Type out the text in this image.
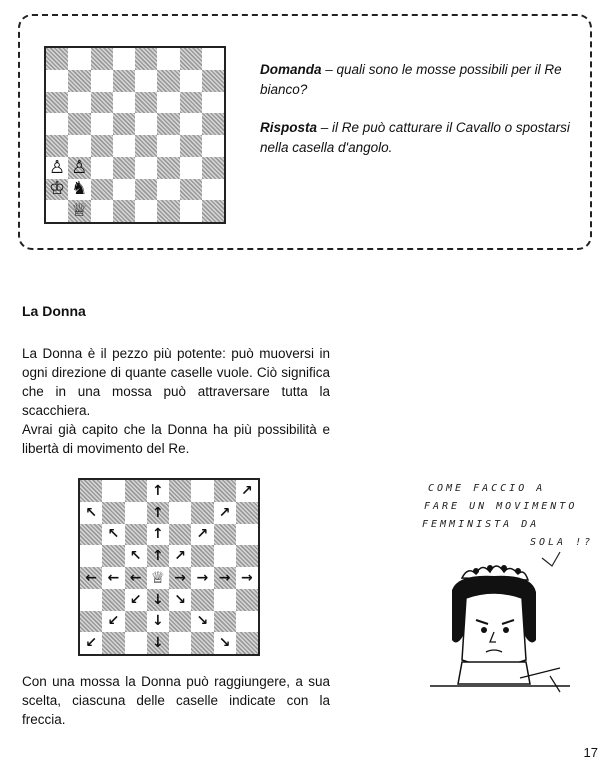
♙ ♙
♔ ♞
♕

Domanda – quali sono le mosse possibili per il Re bianco?

Risposta – il Re può catturare il Cavallo o spostarsi nella casella d'angolo.

La Donna
La Donna è il pezzo più potente: può muoversi in ogni direzione di quante caselle vuole. Ciò significa che in una mossa può attraversare tutta la scacchiera.
Avrai già capito che la Donna ha più possibilità e libertà di movimento del Re.
↑	↗
↖	↑	↗
↖ ↑ ↗
↖ ↑ ↗
← ← ← ♕ → → → →
↙ ↓ ↘
↙ ↓ ↘
↙	↓	↘
Con una mossa la Donna può raggiungere, a sua scelta, ciascuna delle caselle indicate con la freccia.
COME FACCIO A
FARE UN MOVIMENTO
FEMMINISTA DA
SOLA !?
17
